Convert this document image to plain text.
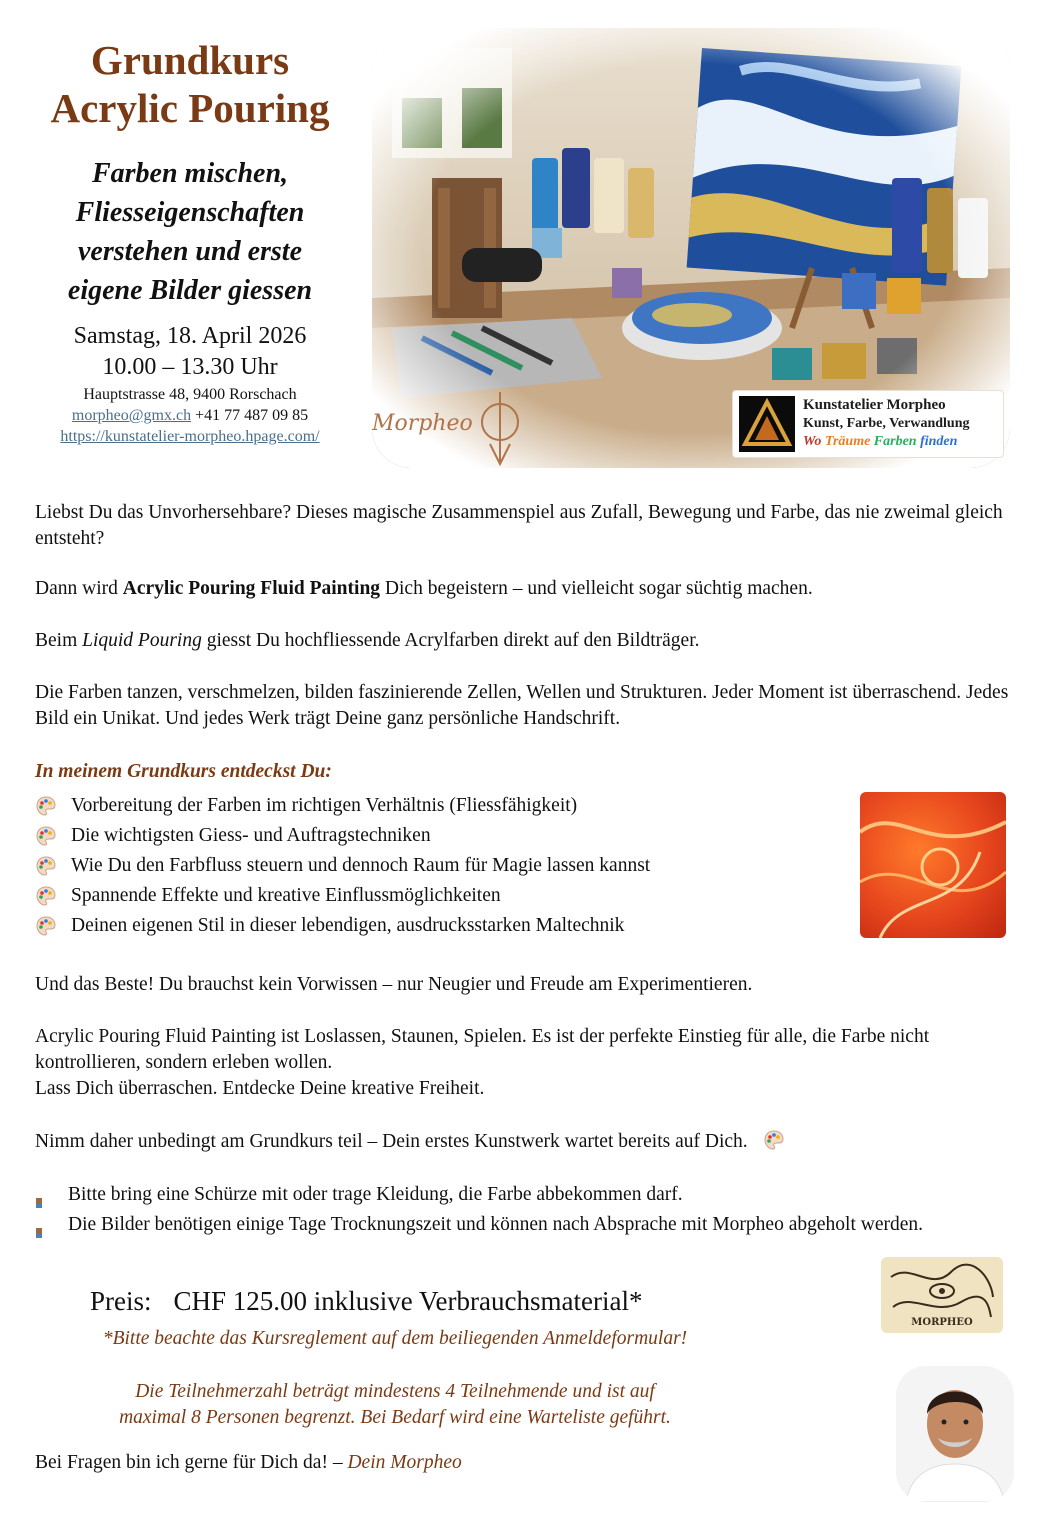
Grundkurs
Acrylic Pouring
Farben mischen,
Fliesseigenschaften
verstehen und erste
eigene Bilder giessen
Samstag, 18. April 2026
10.00 – 13.30 Uhr
Hauptstrasse 48, 9400 Rorschach
morpheo@gmx.ch +41 77 487 09 85
https://kunstatelier-morpheo.hpage.com/
Morpheo
Kunstatelier Morpheo
Kunst, Farbe, Verwandlung
Wo Träume Farben finden

Liebst Du das Unvorhersehbare? Dieses magische Zusammenspiel aus Zufall, Bewegung und Farbe, das nie zweimal gleich entsteht?

Dann wird Acrylic Pouring Fluid Painting Dich begeistern – und vielleicht sogar süchtig machen.

Beim Liquid Pouring giesst Du hochfliessende Acrylfarben direkt auf den Bildträger.

Die Farben tanzen, verschmelzen, bilden faszinierende Zellen, Wellen und Strukturen. Jeder Moment ist überraschend. Jedes Bild ein Unikat. Und jedes Werk trägt Deine ganz persönliche Handschrift.

In meinem Grundkurs entdeckst Du:

Vorbereitung der Farben im richtigen Verhältnis (Fliessfähigkeit)
Die wichtigsten Giess- und Auftragstechniken
Wie Du den Farbfluss steuern und dennoch Raum für Magie lassen kannst
Spannende Effekte und kreative Einflussmöglichkeiten
Deinen eigenen Stil in dieser lebendigen, ausdrucksstarken Maltechnik

Und das Beste! Du brauchst kein Vorwissen – nur Neugier und Freude am Experimentieren.

Acrylic Pouring Fluid Painting ist Loslassen, Staunen, Spielen. Es ist der perfekte Einstieg für alle, die Farbe nicht kontrollieren, sondern erleben wollen.

Lass Dich überraschen. Entdecke Deine kreative Freiheit.

Nimm daher unbedingt am Grundkurs teil – Dein erstes Kunstwerk wartet bereits auf Dich.

Bitte bring eine Schürze mit oder trage Kleidung, die Farbe abbekommen darf.
Die Bilder benötigen einige Tage Trocknungszeit und können nach Absprache mit Morpheo abgeholt werden.
Preis: CHF 125.00 inklusive Verbrauchsmaterial*
*Bitte beachte das Kursreglement auf dem beiliegenden Anmeldeformular!
Die Teilnehmerzahl beträgt mindestens 4 Teilnehmende und ist auf
maximal 8 Personen begrenzt. Bei Bedarf wird eine Warteliste geführt.
Bei Fragen bin ich gerne für Dich da! – Dein Morpheo
MORPHEO
